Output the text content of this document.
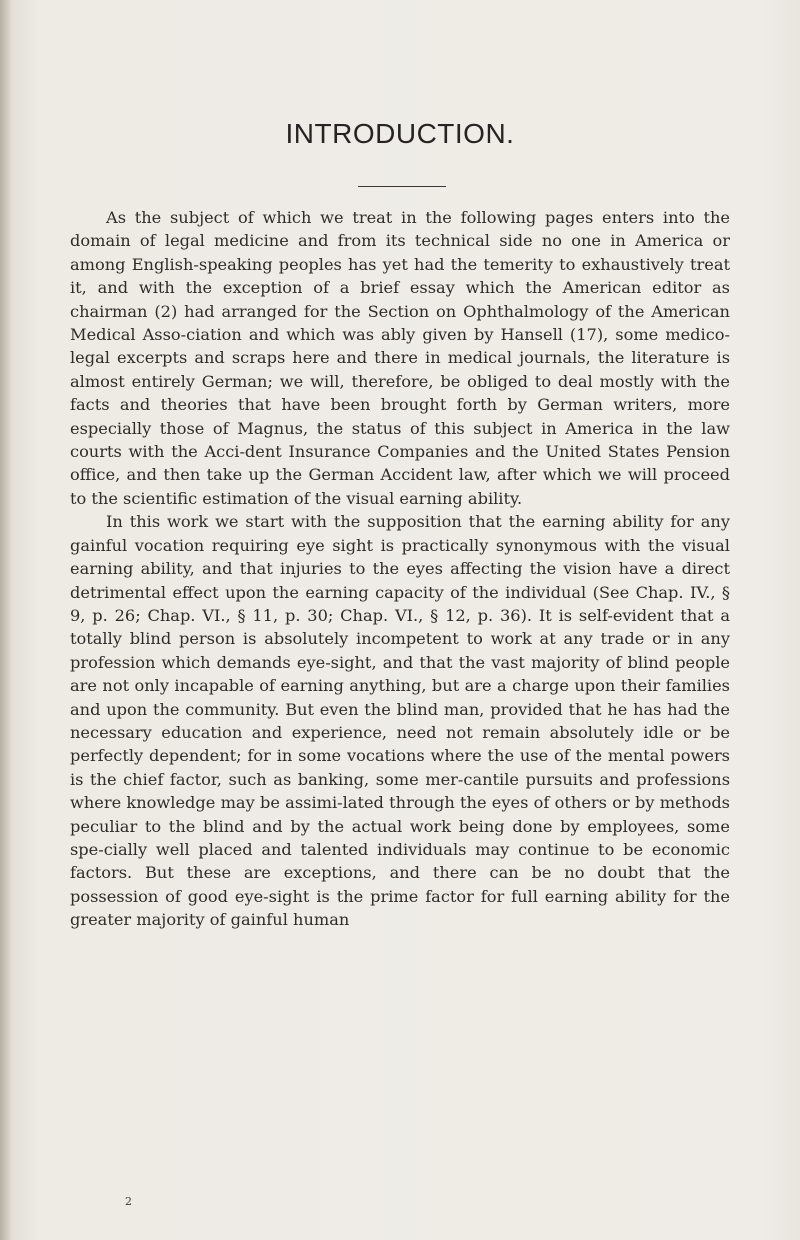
INTRODUCTION.

As the subject of which we treat in the following pages enters into the domain of legal medicine and from its technical side no one in America or among English-speaking peoples has yet had the temerity to exhaustively treat it, and with the exception of a brief essay which the American editor as chairman (2) had arranged for the Section on Ophthalmology of the American Medical Asso-ciation and which was ably given by Hansell (17), some medico-legal excerpts and scraps here and there in medical journals, the literature is almost entirely German; we will, therefore, be obliged to deal mostly with the facts and theories that have been brought forth by German writers, more especially those of Magnus, the status of this subject in America in the law courts with the Acci-dent Insurance Companies and the United States Pension office, and then take up the German Accident law, after which we will proceed to the scientific estimation of the visual earning ability.

In this work we start with the supposition that the earning ability for any gainful vocation requiring eye sight is practically synonymous with the visual earning ability, and that injuries to the eyes affecting the vision have a direct detrimental effect upon the earning capacity of the individual (See Chap. IV., § 9, p. 26; Chap. VI., § 11, p. 30; Chap. VI., § 12, p. 36). It is self-evident that a totally blind person is absolutely incompetent to work at any trade or in any profession which demands eye-sight, and that the vast majority of blind people are not only incapable of earning anything, but are a charge upon their families and upon the community. But even the blind man, provided that he has had the necessary education and experience, need not remain absolutely idle or be perfectly dependent; for in some vocations where the use of the mental powers is the chief factor, such as banking, some mer-cantile pursuits and professions where knowledge may be assimi-lated through the eyes of others or by methods peculiar to the blind and by the actual work being done by employees, some spe-cially well placed and talented individuals may continue to be economic factors. But these are exceptions, and there can be no doubt that the possession of good eye-sight is the prime factor for full earning ability for the greater majority of gainful human

2
